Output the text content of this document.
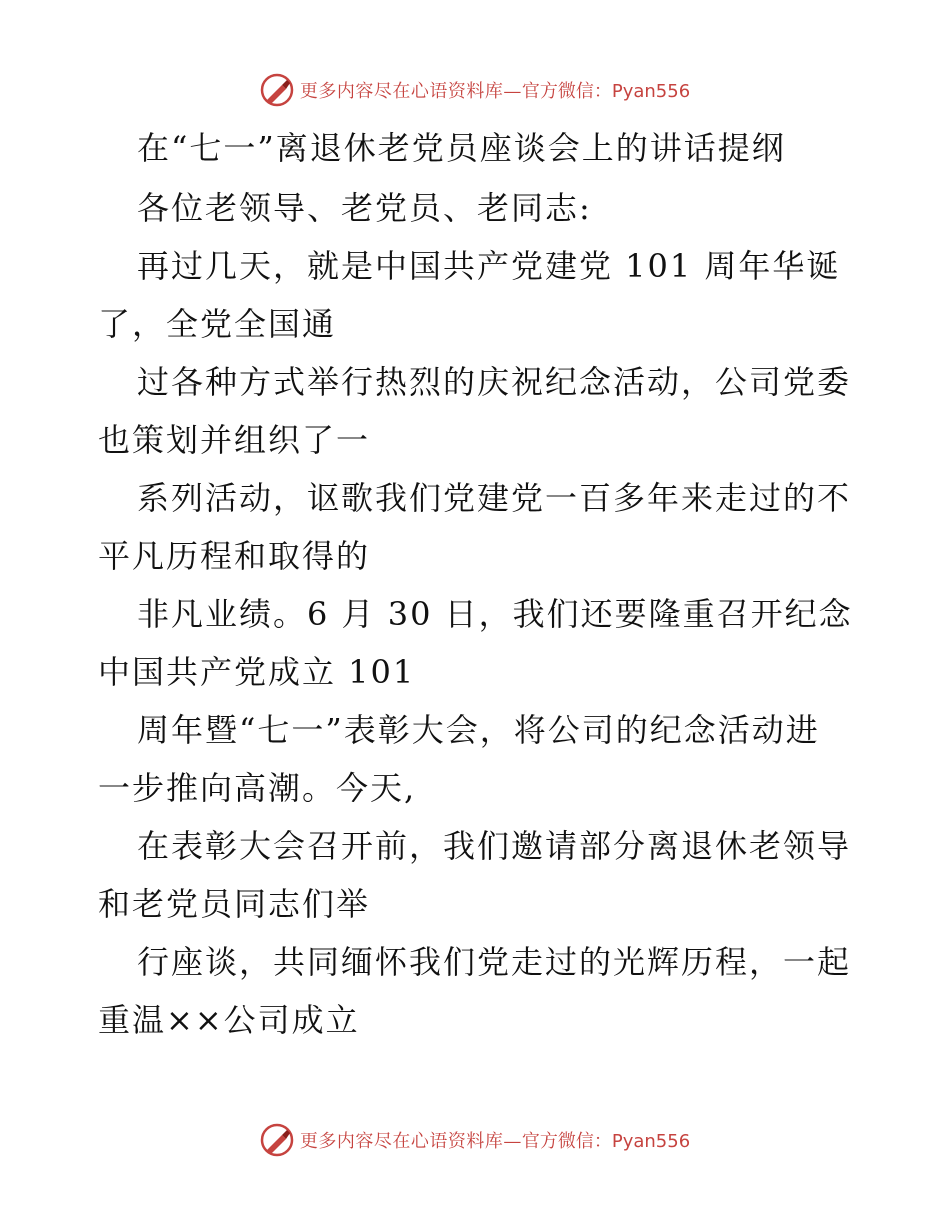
更多内容尽在心语资料库— 官方微信：Pyan556
在“七一”离退休老党员座谈会上的讲话提纲
各位老领导、老党员、老同志:
再过几天，就是中国共产党建党 101 周年华诞
了，全党全国通
过各种方式举行热烈的庆祝纪念活动，公司党委
也策划并组织了一
系列活动，讴歌我们党建党一百多年来走过的不
平凡历程和取得的
非凡业绩。6 月 30 日，我们还要隆重召开纪念
中国共产党成立 101
周年暨“七一”表彰大会，将公司的纪念活动进
一步推向高潮。今天,
在表彰大会召开前，我们邀请部分离退休老领导
和老党员同志们举
行座谈，共同缅怀我们党走过的光辉历程，一起
重温××公司成立
更多内容尽在心语资料库— 官方微信：Pyan556
